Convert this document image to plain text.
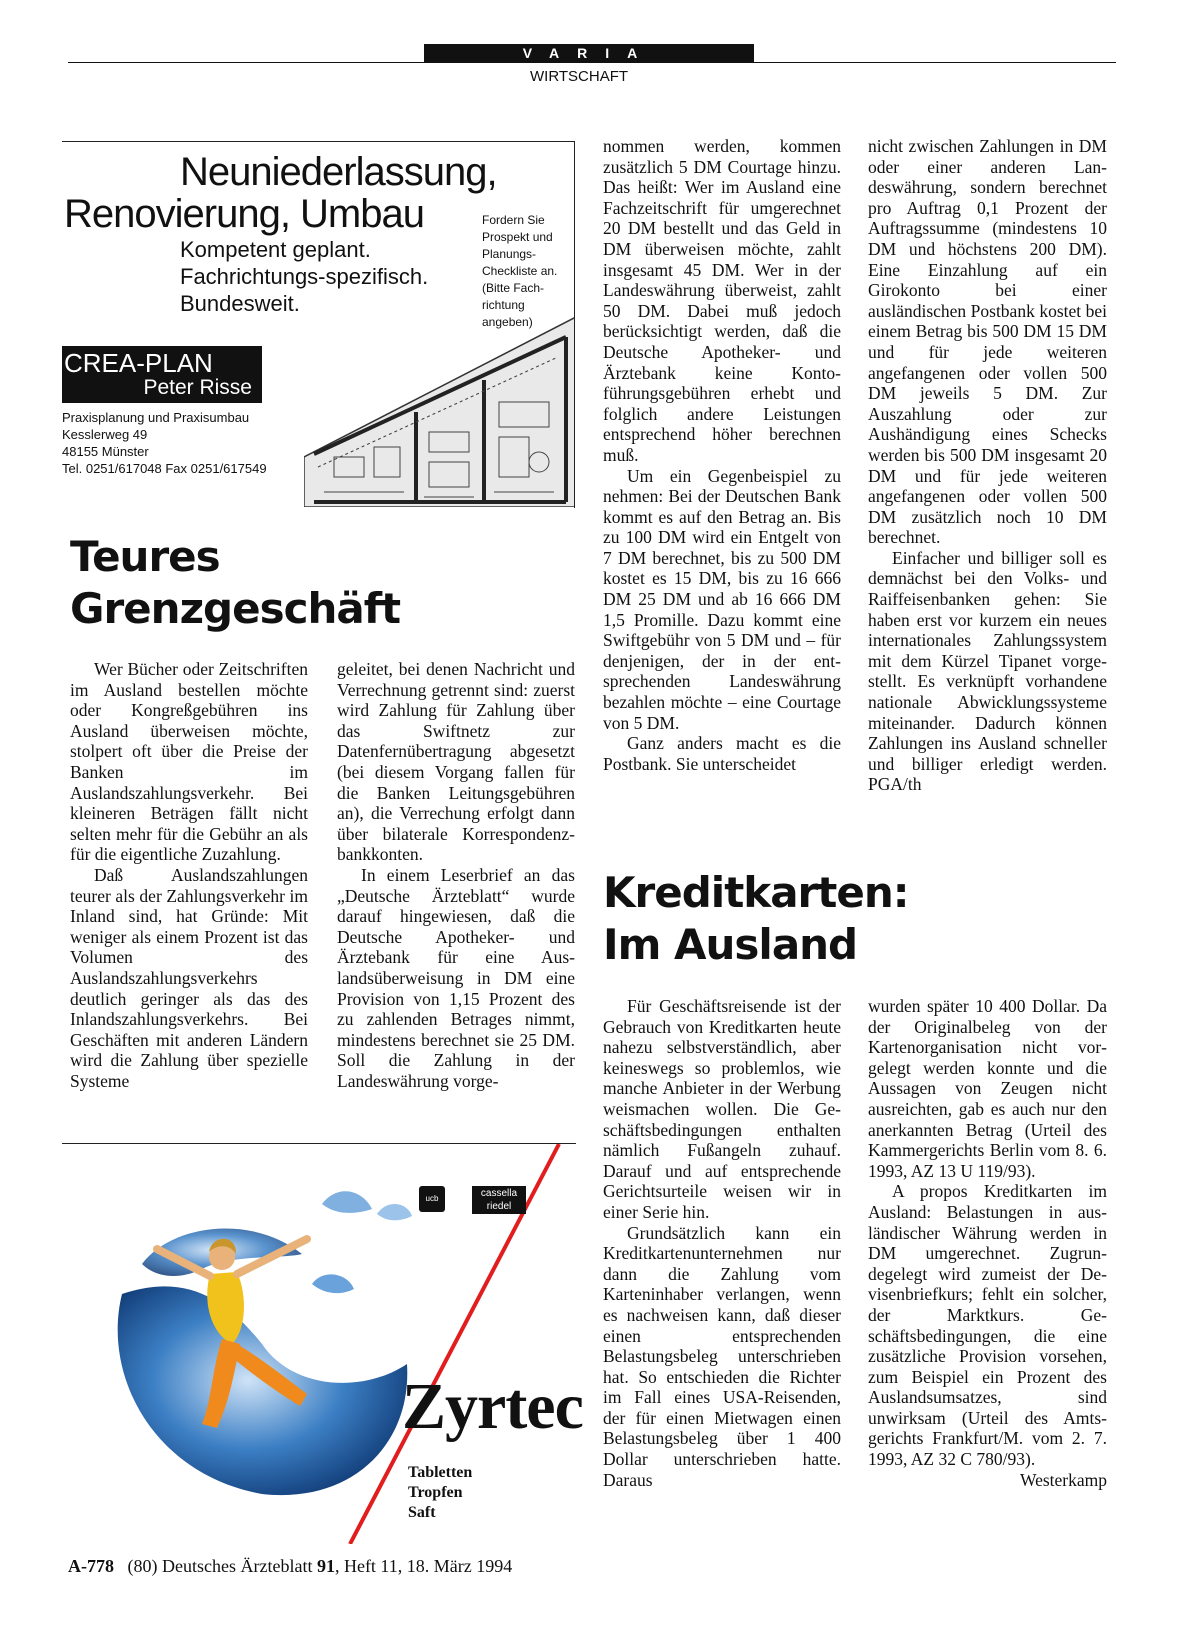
VARIA
WIRTSCHAFT
Neuniederlassung,
Renovierung, Umbau
Kompetent geplant.
Fachrichtungs-spezifisch.
Bundesweit.
Fordern Sie
Prospekt und
Planungs-
Checkliste an.
(Bitte Fach-
richtung
angeben)
CREA-PLAN
Peter Risse
Praxisplanung und Praxisumbau
Kesslerweg 49
48155 Münster
Tel. 0251/617048 Fax 0251/617549
Teures
Grenzgeschäft

Wer Bücher oder Zeitschriften im Ausland bestellen möchte oder Kongreßgebühren ins Ausland überweisen möchte, stolpert oft über die Preise der Banken im Auslandszahlungsverkehr. Bei kleineren Beträgen fällt nicht selten mehr für die Gebühr an als für die eigentliche Zuzahlung.

Daß Auslandszahlungen teurer als der Zahlungsverkehr im Inland sind, hat Gründe: Mit weniger als einem Prozent ist das Volumen des Auslandszahlungsverkehrs deutlich geringer als das des Inlandszahlungsverkehrs. Bei Geschäften mit anderen Ländern wird die Zahlung über spezielle Systeme

geleitet, bei denen Nachricht und Verrechnung getrennt sind: zuerst wird Zahlung für Zahlung über das Swiftnetz zur Datenfernübertragung abgesetzt (bei diesem Vorgang fallen für die Banken Leitungsgebühren an), die Verrechung erfolgt dann über bilaterale Korrespondenzbankkonten.

In einem Leserbrief an das „Deutsche Ärzteblatt“ wurde darauf hingewiesen, daß die Deutsche Apotheker- und Ärztebank für eine Auslandsüberweisung in DM eine Provision von 1,15 Prozent des zu zahlenden Betrages nimmt, mindestens berechnet sie 25 DM. Soll die Zahlung in der Landeswährung vorge-

nommen werden, kommen zusätzlich 5 DM Courtage hinzu. Das heißt: Wer im Ausland eine Fachzeitschrift für umgerechnet 20 DM bestellt und das Geld in DM überweisen möchte, zahlt insgesamt 45 DM. Wer in der Landeswährung überweist, zahlt 50 DM. Dabei muß jedoch berücksichtigt werden, daß die Deutsche Apotheker- und Ärztebank keine Kontoführungsgebühren erhebt und folglich andere Leistungen entsprechend höher berechnen muß.

Um ein Gegenbeispiel zu nehmen: Bei der Deutschen Bank kommt es auf den Betrag an. Bis zu 100 DM wird ein Entgelt von 7 DM berechnet, bis zu 500 DM kostet es 15 DM, bis zu 16 666 DM 25 DM und ab 16 666 DM 1,5 Promille. Dazu kommt eine Swiftgebühr von 5 DM und – für denjenigen, der in der entsprechenden Landeswährung bezahlen möchte – eine Courtage von 5 DM.

Ganz anders macht es die Postbank. Sie unterscheidet

nicht zwischen Zahlungen in DM oder einer anderen Landeswährung, sondern berechnet pro Auftrag 0,1 Prozent der Auftragssumme (mindestens 10 DM und höchstens 200 DM). Eine Einzahlung auf ein Girokonto bei einer ausländischen Postbank kostet bei einem Betrag bis 500 DM 15 DM und für jede weiteren angefangenen oder vollen 500 DM jeweils 5 DM. Zur Auszahlung oder zur Aushändigung eines Schecks werden bis 500 DM insgesamt 20 DM und für jede weiteren angefangenen oder vollen 500 DM zusätzlich noch 10 DM berechnet.

Einfacher und billiger soll es demnächst bei den Volks- und Raiffeisenbanken gehen: Sie haben erst vor kurzem ein neues internationales Zahlungssystem mit dem Kürzel Tipanet vorgestellt. Es verknüpft vorhandene nationale Abwicklungssysteme miteinander. Dadurch können Zahlungen ins Ausland schneller und billiger erledigt werden. PGA/th

Kreditkarten:
Im Ausland

Für Geschäftsreisende ist der Gebrauch von Kreditkarten heute nahezu selbstverständlich, aber keineswegs so problemlos, wie manche Anbieter in der Werbung weismachen wollen. Die Geschäftsbedingungen enthalten nämlich Fußangeln zuhauf. Darauf und auf entsprechende Gerichtsurteile weisen wir in einer Serie hin.

Grundsätzlich kann ein Kreditkartenunternehmen nur dann die Zahlung vom Karteninhaber verlangen, wenn es nachweisen kann, daß dieser einen entsprechenden Belastungsbeleg unterschrieben hat. So entschieden die Richter im Fall eines USA-Reisenden, der für einen Mietwagen einen Belastungsbeleg über 1 400 Dollar unterschrieben hatte. Daraus

wurden später 10 400 Dollar. Da der Originalbeleg von der Kartenorganisation nicht vorgelegt werden konnte und die Aussagen von Zeugen nicht ausreichten, gab es auch nur den anerkannten Betrag (Urteil des Kammergerichts Berlin vom 8. 6. 1993, AZ 13 U 119/93).

A propos Kreditkarten im Ausland: Belastungen in ausländischer Währung werden in DM umgerechnet. Zugrundegelegt wird zumeist der Devisenbriefkurs; fehlt ein solcher, der Marktkurs. Geschäftsbedingungen, die eine zusätzliche Provision vorsehen, zum Beispiel ein Prozent des Auslandsumsatzes, sind unwirksam (Urteil des Amtsgerichts Frankfurt/M. vom 2. 7. 1993, AZ 32 C 780/93).

Westerkamp

ucb	cassella
riedel
Zyrtec
Tabletten
Tropfen
Saft
A-778 (80) Deutsches Ärzteblatt 91, Heft 11, 18. März 1994
